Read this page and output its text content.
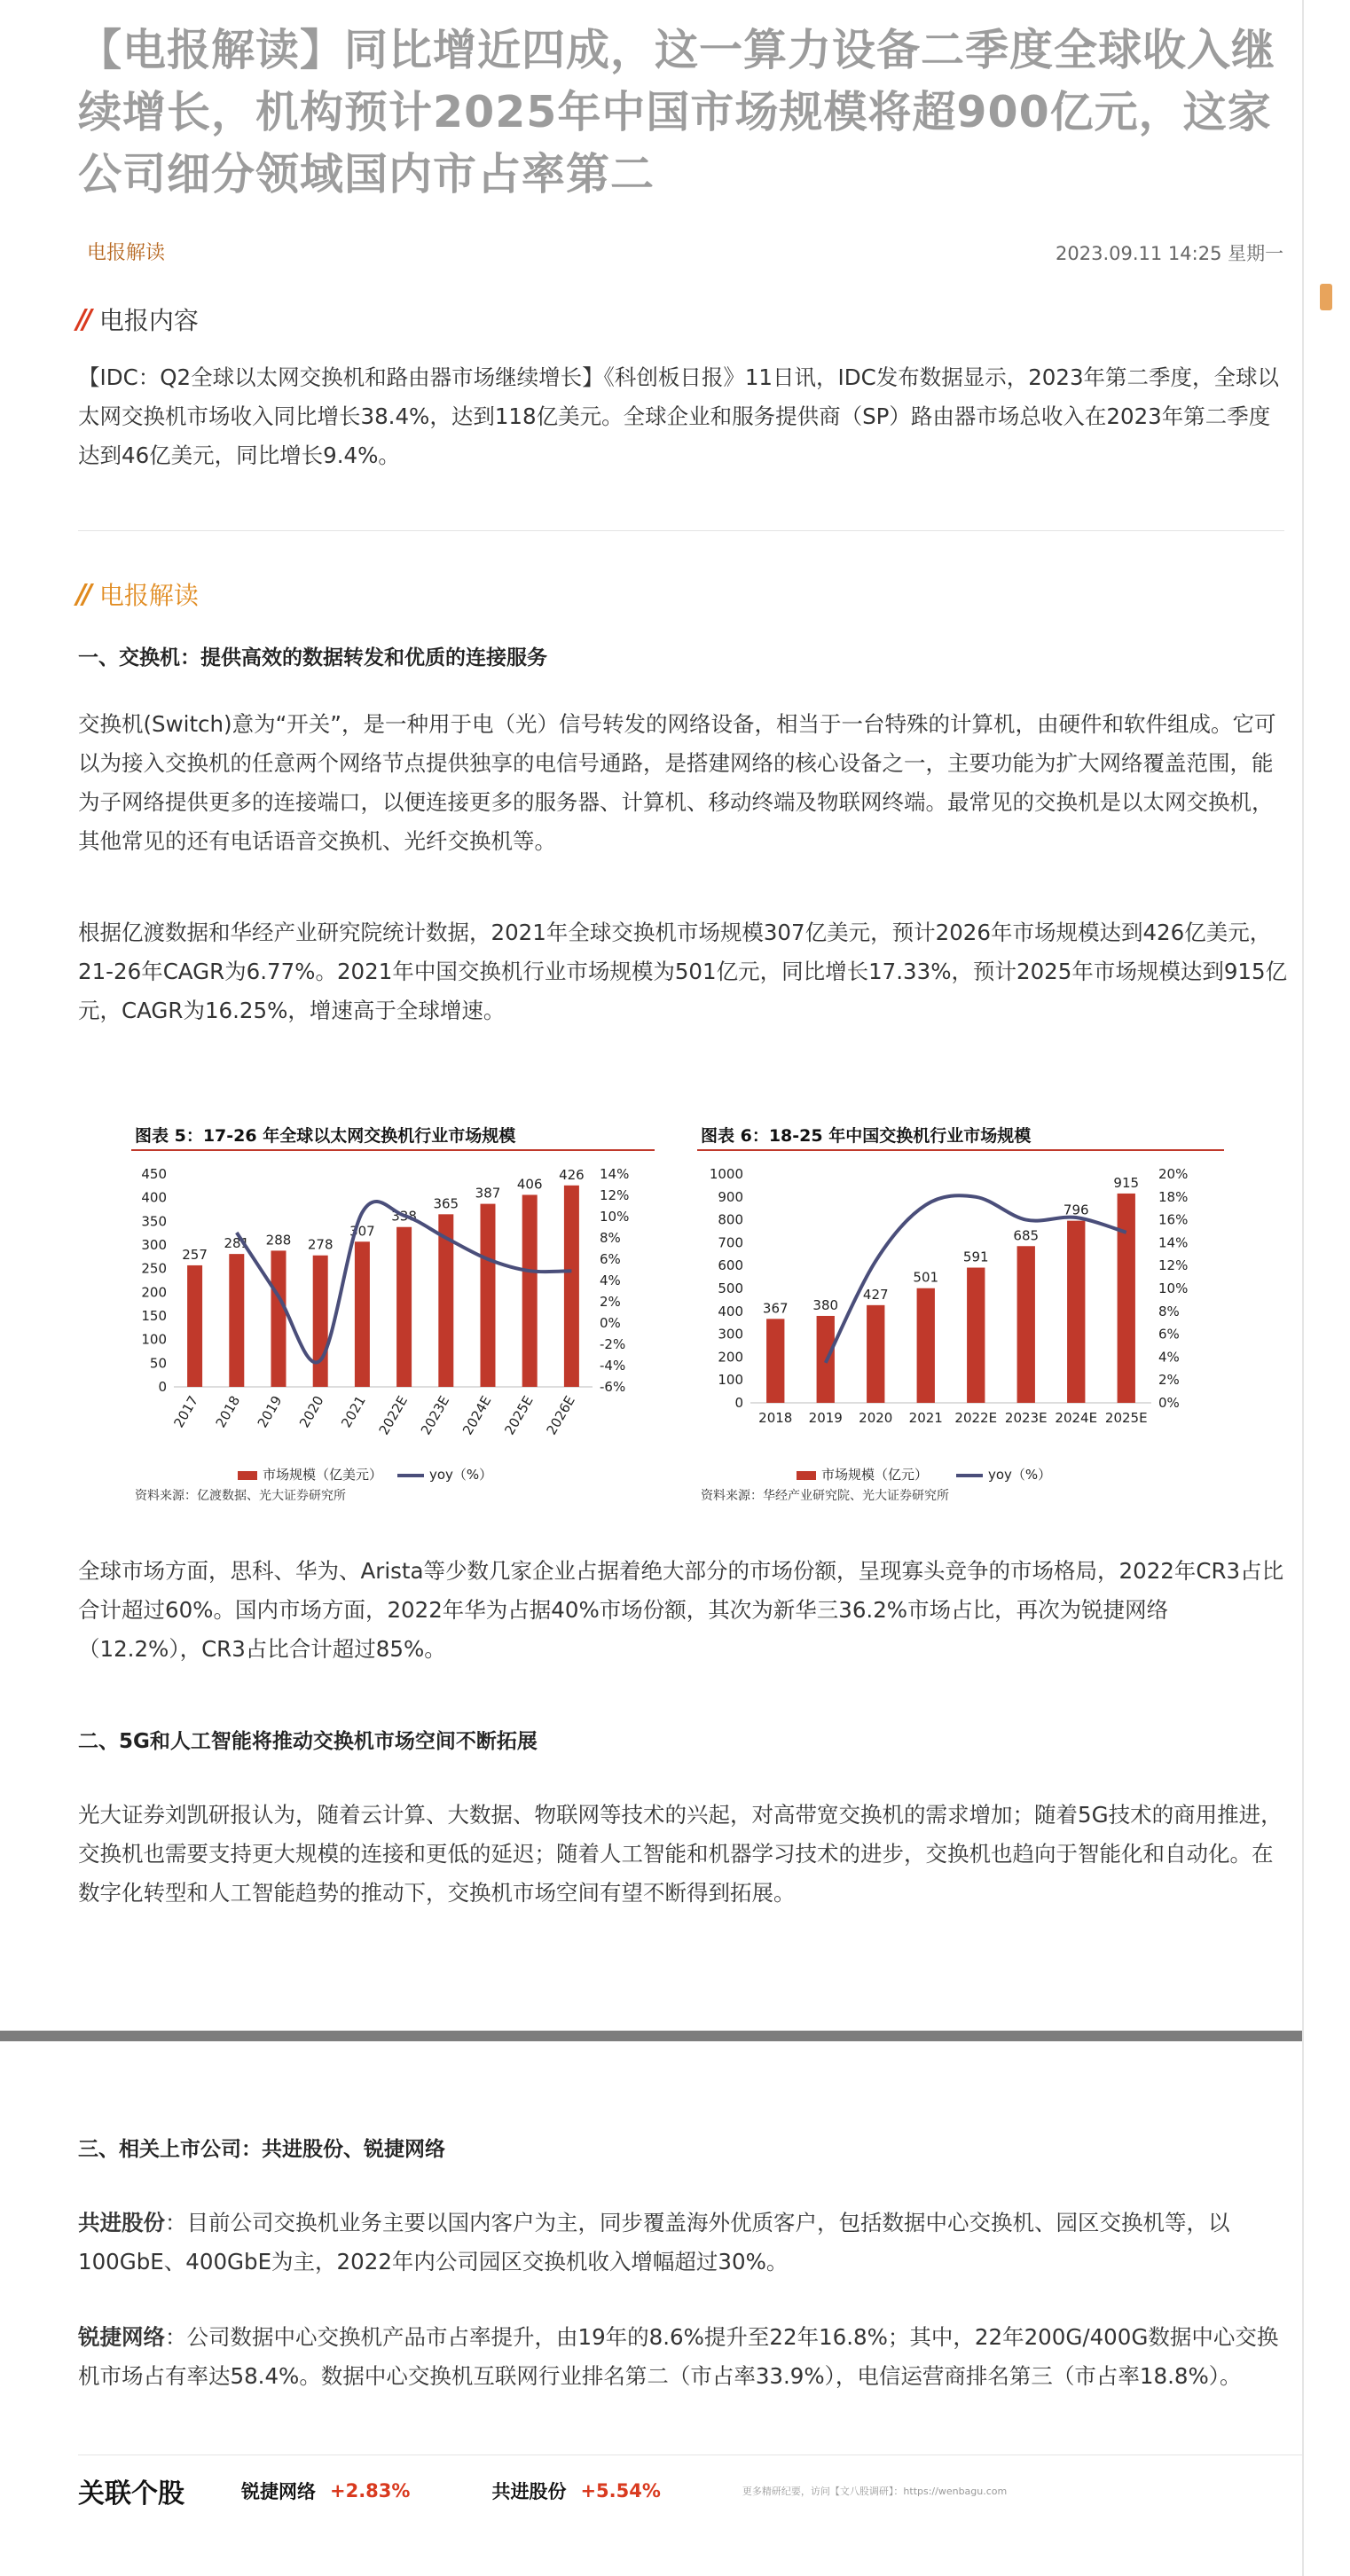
【电报解读】同比增近四成，这一算力设备二季度全球收入继续增长，机构预计2025年中国市场规模将超900亿元，这家公司细分领域国内市占率第二
电报解读	2023.09.11 14:25 星期一
// 电报内容

【IDC：Q2全球以太网交换机和路由器市场继续增长】《科创板日报》11日讯，IDC发布数据显示，2023年第二季度，全球以太网交换机市场收入同比增长38.4%，达到118亿美元。全球企业和服务提供商（SP）路由器市场总收入在2023年第二季度达到46亿美元，同比增长9.4%。

// 电报解读
一、交换机：提供高效的数据转发和优质的连接服务

交换机(Switch)意为“开关”，是一种用于电（光）信号转发的网络设备，相当于一台特殊的计算机，由硬件和软件组成。它可以为接入交换机的任意两个网络节点提供独享的电信号通路，是搭建网络的核心设备之一，主要功能为扩大网络覆盖范围，能为子网络提供更多的连接端口，以便连接更多的服务器、计算机、移动终端及物联网终端。最常见的交换机是以太网交换机，其他常见的还有电话语音交换机、光纤交换机等。

根据亿渡数据和华经产业研究院统计数据，2021年全球交换机市场规模307亿美元，预计2026年市场规模达到426亿美元，21-26年CAGR为6.77%。2021年中国交换机行业市场规模为501亿元，同比增长17.33%，预计2025年市场规模达到915亿元，CAGR为16.25%，增速高于全球增速。

图表 5：17-26 年全球以太网交换机行业市场规模
450
400
350
300
250
200
150
100
50
0
14%
12%
10%
8%
6%
4%
2%
0%
-2%
-4%
-6%
257
2017
281
2018
288
2019
278
2020
307
2021
338
2022E
365
2023E
387
2024E
406
2025E
426
2026E
市场规模（亿美元）	yoy（%）
资料来源：亿渡数据、光大证券研究所
图表 6：18-25 年中国交换机行业市场规模
1000
900
800
700
600
500
400
300
200
100
0
20%
18%
16%
14%
12%
10%
8%
6%
4%
2%
0%
367
2018
380
2019
427
2020
501
2021
591
2022E
685
2023E
796
2024E
915
2025E
市场规模（亿元）	yoy（%）
资料来源：华经产业研究院、光大证券研究所

全球市场方面，思科、华为、Arista等少数几家企业占据着绝大部分的市场份额，呈现寡头竞争的市场格局，2022年CR3占比合计超过60%。国内市场方面，2022年华为占据40%市场份额，其次为新华三36.2%市场占比，再次为锐捷网络（12.2%），CR3占比合计超过85%。

二、5G和人工智能将推动交换机市场空间不断拓展

光大证券刘凯研报认为，随着云计算、大数据、物联网等技术的兴起，对高带宽交换机的需求增加；随着5G技术的商用推进，交换机也需要支持更大规模的连接和更低的延迟；随着人工智能和机器学习技术的进步，交换机也趋向于智能化和自动化。在数字化转型和人工智能趋势的推动下，交换机市场空间有望不断得到拓展。

三、相关上市公司：共进股份、锐捷网络

共进股份：目前公司交换机业务主要以国内客户为主，同步覆盖海外优质客户，包括数据中心交换机、园区交换机等，以100GbE、400GbE为主，2022年内公司园区交换机收入增幅超过30%。

锐捷网络：公司数据中心交换机产品市占率提升，由19年的8.6%提升至22年16.8%；其中，22年200G/400G数据中心交换机市场占有率达58.4%。数据中心交换机互联网行业排名第二（市占率33.9%），电信运营商排名第三（市占率18.8%）。

关联个股	锐捷网络 +2.83%	共进股份 +5.54%	更多精研纪要，访问【文八股调研】：https://wenbagu.com
